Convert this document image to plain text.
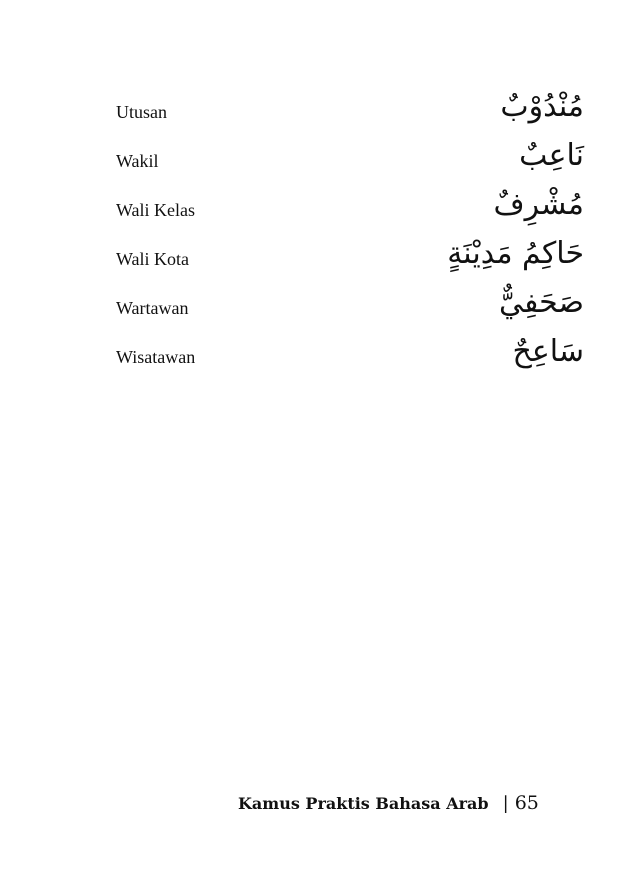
Utusan	مُنْدُوْبٌ
Wakil	نَاعِبٌ
Wali Kelas	مُشْرِفٌ
Wali Kota	حَاكِمُ مَدِيْنَةٍ
Wartawan	صَحَفِيٌّ
Wisatawan	سَاعِحٌ
Kamus Praktis Bahasa Arab | 65
